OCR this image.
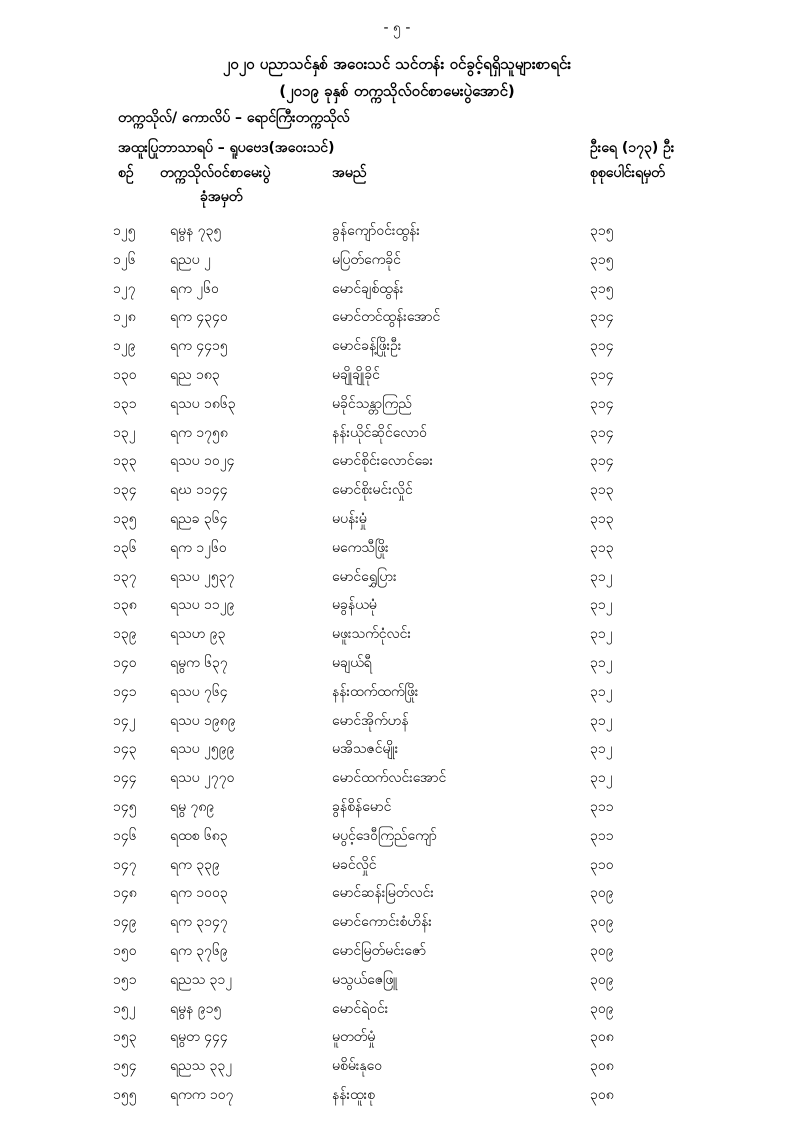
- ၅ -
၂၀၂၀ ပညာသင်နှစ် အဝေးသင် သင်တန်း ဝင်ခွင့်ရရှိသူများစာရင်း
(၂၀၁၉ ခုနှစ် တက္ကသိုလ်ဝင်စာမေးပွဲအောင်)
တက္ကသိုလ်/ ကောလိပ် – ‌ရောင်ကြီးတက္ကသိုလ်
အထူးပြုဘာသာရပ် – ရူပဗေဒ(အဝေးသင်)	ဦးရေ (၁၇၃) ဦး
စဉ် တက္ကသိုလ်ဝင်စာမေးပွဲ
ခုံအမှတ်
အမည်	စုစုပေါင်းရမှတ်
၁၂၅ ရမွန ၇၃၅	ခွန်ကျော်ဝင်းထွန်း	၃၁၅
၁၂၆ ရညပ ၂	မပြတ်ကေခိုင်	၃၁၅
၁၂၇ ရက ၂၆၀	မောင်ချစ်ထွန်း	၃၁၅
၁၂၈ ရက ၄၃၄၀	မောင်တင်ထွန်းအောင်	၃၁၄
၁၂၉ ရက ၄၄၁၅	မောင်ခန့်ဖြိုးဦး	၃၁၄
၁၃၀ ရည ၁၈၃	မချိုချိုခိုင်	၃၁၄
၁၃၁ ရသပ ၁၈၆၃	မခိုင်သန္တာကြည်	၃၁၄
၁၃၂ ရက ၁၇၅၈	နန်းယိုင်ဆိုင်လောဝ်	၃၁၄
၁၃၃ ရသပ ၁၀၂၄	မောင်စိုင်းလောင်ခေး	၃၁၄
၁၃၄ ရဃ ၁၁၄၄	မောင်စိုးမင်းလှိုင်	၃၁၃
၁၃၅ ရညခ ၃၆၄	မပန်းမှုံ	၃၁၃
၁၃၆ ရက ၁၂၆၀	မကေသီဖြိုး	၃၁၃
၁၃၇ ရသပ ၂၅၃၇	မောင်ရွှေပြား	၃၁၂
၁၃၈ ရသပ ၁၁၂၉	မခွန်ယမုံ	၃၁၂
၁၃၉ ရသဟ ၉၃	မဖူးသက်ငုံလင်း	၃၁၂
၁၄၀ ရမွက ၆၃၇	မချယ်ရီ	၃၁၂
၁၄၁ ရသပ ၇၆၄	နန်းထက်ထက်ဖြိုး	၃၁၂
၁၄၂ ရသပ ၁၉၈၉	မောင်အိုက်ဟန်	၃၁၂
၁၄၃ ရသပ ၂၅၉၉	မအိသဇင်မျိုး	၃၁၂
၁၄၄ ရသပ ၂၇၇၀	မောင်ထက်လင်းအောင်	၃၁၂
၁၄၅ ရမွ ၇၈၉	ခွန်စိန်မောင်	၃၁၁
၁၄၆ ရထစ ၆၈၃	မပွင့်ဒေဝီကြည်ကျော်	၃၁၁
၁၄၇ ရက ၃၃၉	မခင်လှိုင်	၃၁၀
၁၄၈ ရက ၁၀၀၃	မောင်ဆန်းမြတ်လင်း	၃၀၉
၁၄၉ ရက ၃၁၄၇	မောင်ကောင်းစံဟိန်း	၃၀၉
၁၅၀ ရက ၃၇၆၉	မောင်မြတ်မင်းဇော်	၃၀၉
၁၅၁ ရညသ ၃၁၂	မသွယ်ဇေဖြူ	၃၀၉
၁၅၂ ရမွန ၉၁၅	မောင်ရဲဝင်း	၃၀၉
၁၅၃ ရမွတ ၄၄၄	မူတတ်မှုံ	၃၀၈
၁၅၄ ရညသ ၃၃၂	မစိမ်းနုဝေ	၃၀၈
၁၅၅ ရကက ၁၀၇	နန်းထူးစု	၃၀၈
